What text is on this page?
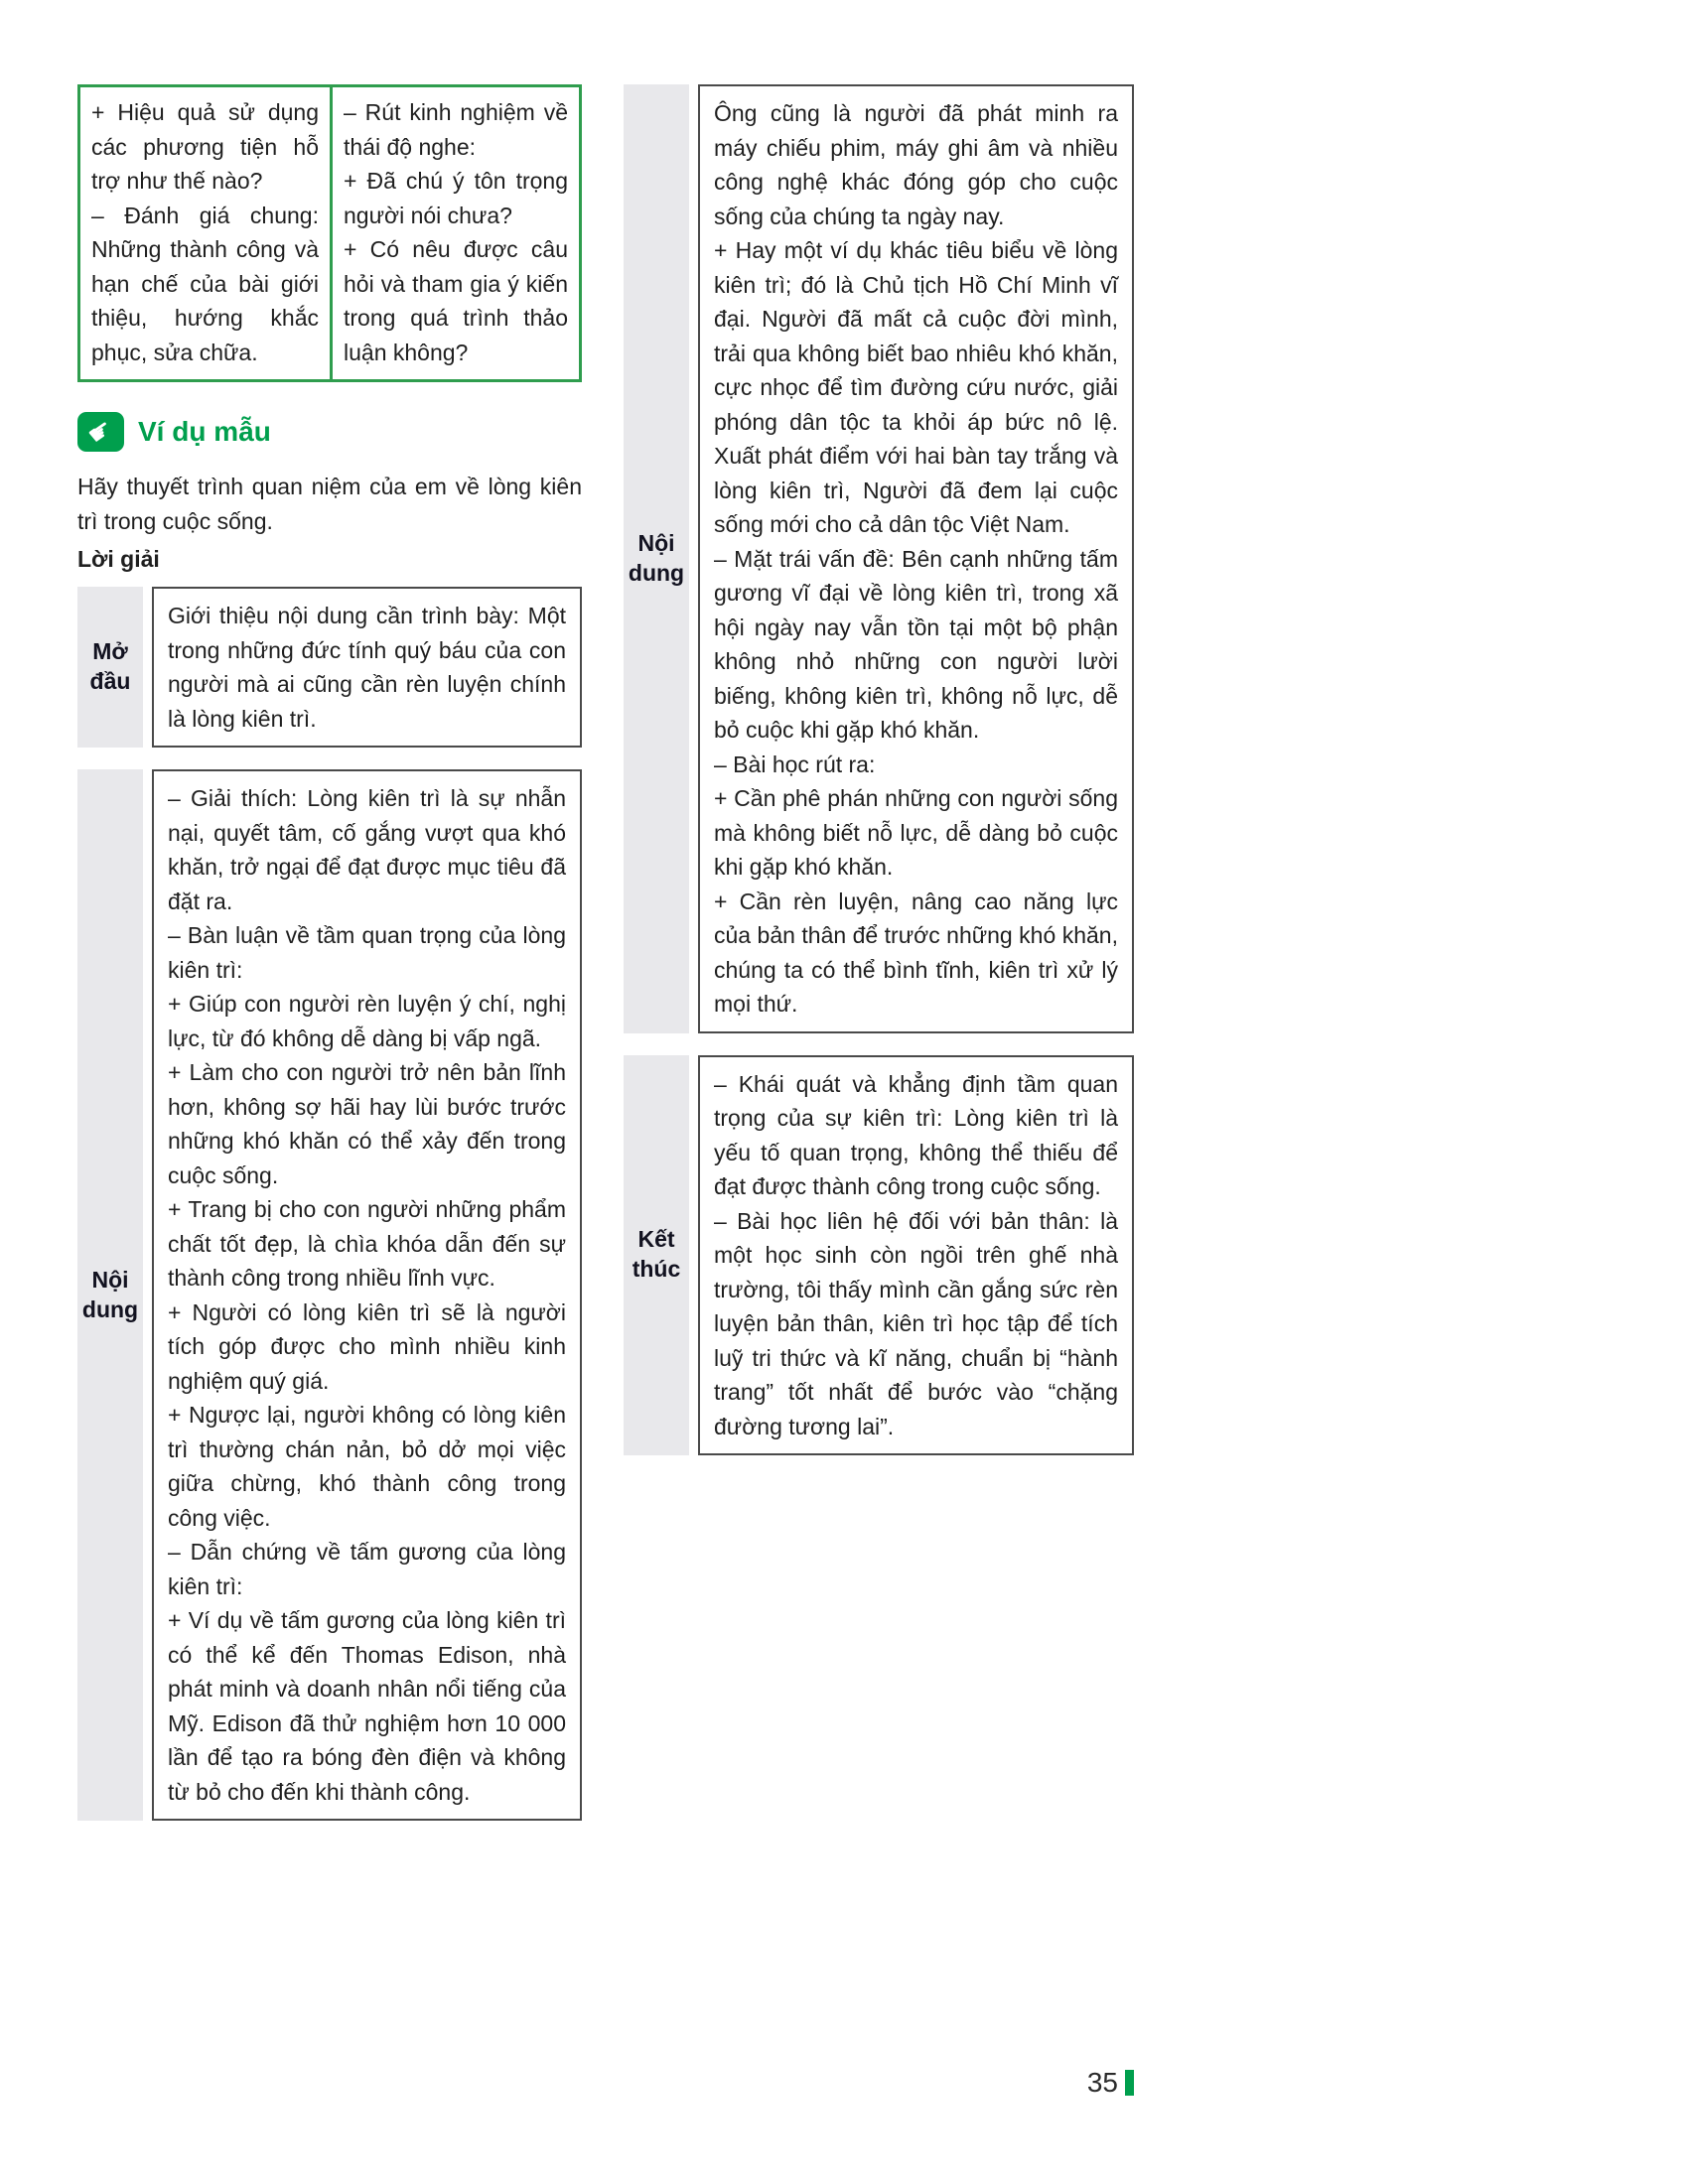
+ Hiệu quả sử dụng các phương tiện hỗ trợ như thế nào?

– Đánh giá chung: Những thành công và hạn chế của bài giới thiệu, hướng khắc phục, sửa chữa.

– Rút kinh nghiệm về thái độ nghe:

+ Đã chú ý tôn trọng người nói chưa?

+ Có nêu được câu hỏi và tham gia ý kiến trong quá trình thảo luận không?

☛ Ví dụ mẫu

Hãy thuyết trình quan niệm của em về lòng kiên trì trong cuộc sống.

Lời giải

Mở đầu

Giới thiệu nội dung cần trình bày: Một trong những đức tính quý báu của con người mà ai cũng cần rèn luyện chính là lòng kiên trì.

Nội dung

– Giải thích: Lòng kiên trì là sự nhẫn nại, quyết tâm, cố gắng vượt qua khó khăn, trở ngại để đạt được mục tiêu đã đặt ra.

– Bàn luận về tầm quan trọng của lòng kiên trì:

+ Giúp con người rèn luyện ý chí, nghị lực, từ đó không dễ dàng bị vấp ngã.

+ Làm cho con người trở nên bản lĩnh hơn, không sợ hãi hay lùi bước trước những khó khăn có thể xảy đến trong cuộc sống.

+ Trang bị cho con người những phẩm chất tốt đẹp, là chìa khóa dẫn đến sự thành công trong nhiều lĩnh vực.

+ Người có lòng kiên trì sẽ là người tích góp được cho mình nhiều kinh nghiệm quý giá.

+ Ngược lại, người không có lòng kiên trì thường chán nản, bỏ dở mọi việc giữa chừng, khó thành công trong công việc.

– Dẫn chứng về tấm gương của lòng kiên trì:

+ Ví dụ về tấm gương của lòng kiên trì có thể kể đến Thomas Edison, nhà phát minh và doanh nhân nổi tiếng của Mỹ. Edison đã thử nghiệm hơn 10 000 lần để tạo ra bóng đèn điện và không từ bỏ cho đến khi thành công.

Nội dung

Ông cũng là người đã phát minh ra máy chiếu phim, máy ghi âm và nhiều công nghệ khác đóng góp cho cuộc sống của chúng ta ngày nay.

+ Hay một ví dụ khác tiêu biểu về lòng kiên trì; đó là Chủ tịch Hồ Chí Minh vĩ đại. Người đã mất cả cuộc đời mình, trải qua không biết bao nhiêu khó khăn, cực nhọc để tìm đường cứu nước, giải phóng dân tộc ta khỏi áp bức nô lệ. Xuất phát điểm với hai bàn tay trắng và lòng kiên trì, Người đã đem lại cuộc sống mới cho cả dân tộc Việt Nam.

– Mặt trái vấn đề: Bên cạnh những tấm gương vĩ đại về lòng kiên trì, trong xã hội ngày nay vẫn tồn tại một bộ phận không nhỏ những con người lười biếng, không kiên trì, không nỗ lực, dễ bỏ cuộc khi gặp khó khăn.

– Bài học rút ra:

+ Cần phê phán những con người sống mà không biết nỗ lực, dễ dàng bỏ cuộc khi gặp khó khăn.

+ Cần rèn luyện, nâng cao năng lực của bản thân để trước những khó khăn, chúng ta có thể bình tĩnh, kiên trì xử lý mọi thứ.

Kết thúc

– Khái quát và khẳng định tầm quan trọng của sự kiên trì: Lòng kiên trì là yếu tố quan trọng, không thể thiếu để đạt được thành công trong cuộc sống.

– Bài học liên hệ đối với bản thân: là một học sinh còn ngồi trên ghế nhà trường, tôi thấy mình cần gắng sức rèn luyện bản thân, kiên trì học tập để tích luỹ tri thức và kĩ năng, chuẩn bị “hành trang” tốt nhất để bước vào “chặng đường tương lai”.

35
